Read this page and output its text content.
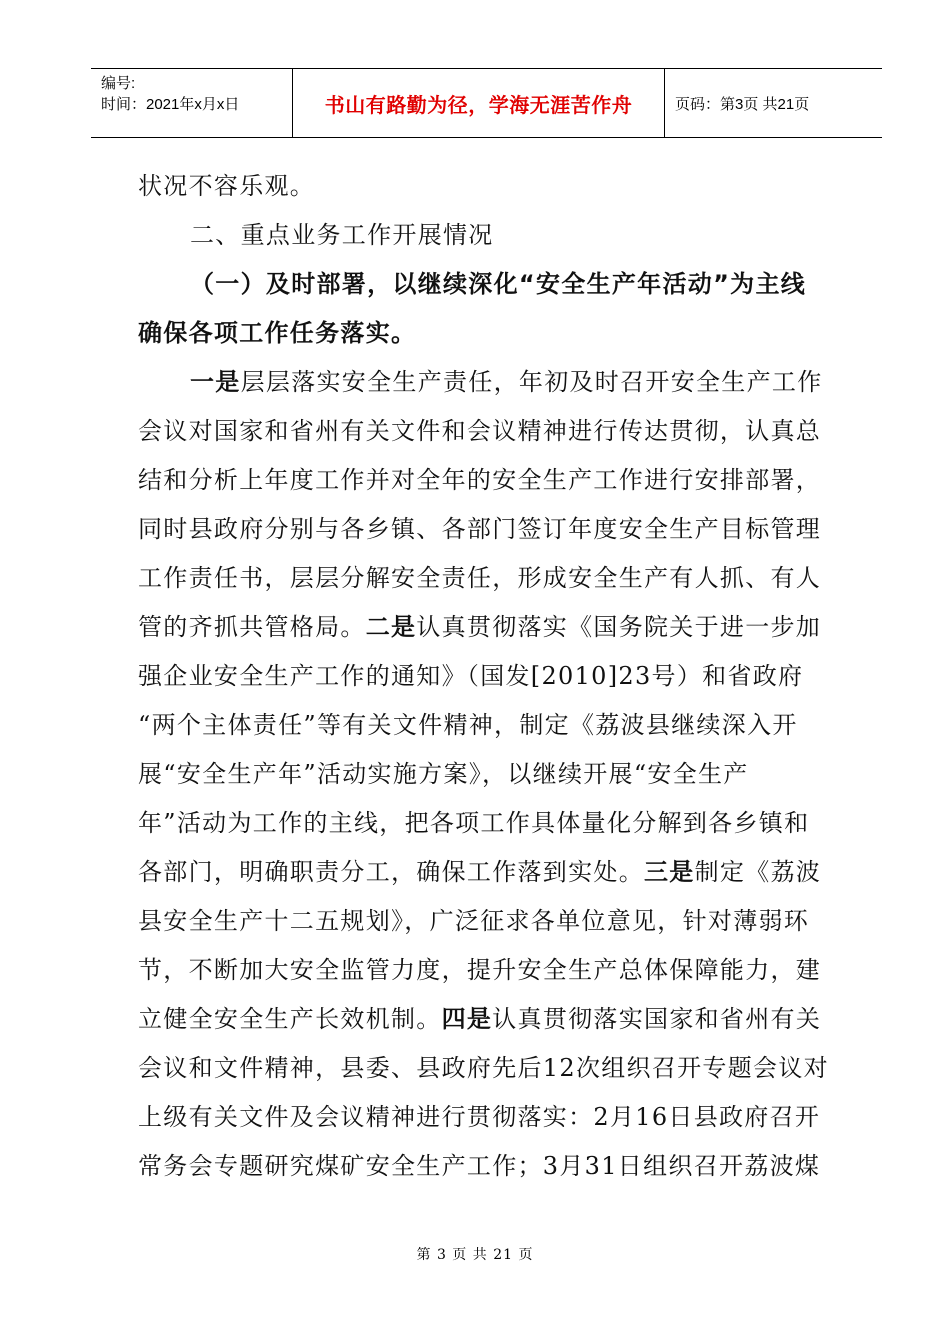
编号:
时间：2021年x月x日	书山有路勤为径，学海无涯苦作舟	页码：第3页 共21页
状况不容乐观。
二、重点业务工作开展情况
（一）及时部署，以继续深化“安全生产年活动”为主线
确保各项工作任务落实。
一是层层落实安全生产责任，年初及时召开安全生产工作
会议对国家和省州有关文件和会议精神进行传达贯彻，认真总
结和分析上年度工作并对全年的安全生产工作进行安排部署，
同时县政府分别与各乡镇、各部门签订年度安全生产目标管理
工作责任书，层层分解安全责任，形成安全生产有人抓、有人
管的齐抓共管格局。二是认真贯彻落实《国务院关于进一步加
强企业安全生产工作的通知》（国发[2010]23号）和省政府
“两个主体责任”等有关文件精神，制定《荔波县继续深入开
展“安全生产年”活动实施方案》，以继续开展“安全生产
年”活动为工作的主线，把各项工作具体量化分解到各乡镇和
各部门，明确职责分工，确保工作落到实处。三是制定《荔波
县安全生产十二五规划》，广泛征求各单位意见，针对薄弱环
节，不断加大安全监管力度，提升安全生产总体保障能力，建
立健全安全生产长效机制。四是认真贯彻落实国家和省州有关
会议和文件精神，县委、县政府先后12次组织召开专题会议对
上级有关文件及会议精神进行贯彻落实：2月16日县政府召开
常务会专题研究煤矿安全生产工作；3月31日组织召开荔波煤
第 3 页 共 21 页
